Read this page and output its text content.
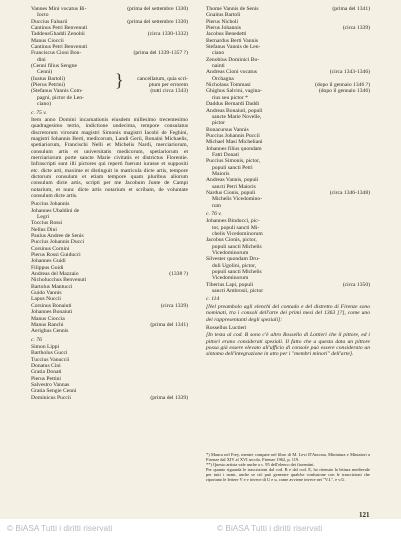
Vannes Mini vocatus Bi-	(prima del settembre 1330)
Iocto
Duccius Falsarii	(prima del settembre 1330)
Cantinus Petri Benvenuti
TaddeusGhaddi Zenobii	(circa 1330-1332)
Manus Cioccii
Cantinus Petri Benvenuti
Franciscus Cioni Bon-	(prima del 1339-1357 ?)
dini
(Cenni filius Sengne
Cenni)
(Iustus Bartoli)	cancellatum, quia scri-
(Pierus Petrini)	ptum per errorem
(Stefanus Vannis Com-	(tutti circa 1343)
pagni, pictor de Len-
ciano)
c. 75 v.
Item anno Domini incarnationis eiusdem millesimo trecentesimo quadragesimo tertio, indictione undecima, tempore consulatus discretorum virorum magistri Simonis magistri Iacobi de Feghini, magistri Iohannis Berti, medicorum, Landi Gerii, Bonaini Michaelis, spetiariorum, Francischi Nelli et Michelis Nardi, merciariorum, consulum artis et universitatis medicorum, spetiariorum et merciariorum porte sancte Marie civitatis et districtus Florentie. Infrascripti sunt illi pictores qui reperti fuerunt iurasse et suppositi etc. dicte arti, maxime et distinguit in matricula dicte artis, tempore dictorum consulum et etiam tempore quam pluribus aliorum consulum dicte artis, scripti per me Jacobum Junte de Campi notarium, et nunc dicte artis notarium et scribam, de voluntate consulum dicte artis.
Puccius Johannis
Johannes Ubaldini de
Legri
Toccius Rossi
Nellus Dini
Paulus Andree de Senis
Puccius Johannis Ducci
Corsinus Cornini
Pierus Rossi Guiducci
Johannes Guidi
Filippus Guidi
Andreas del Mazzaio	(1338 ?)
Nicholucchus Benvenuti
Bartolus Mantucci
Guido Vannis
Lapus Nuccii
Corsinus Bonaiuti	(circa 1339)
Johannes Bonaiuti
Manus Cioccia
Manus Ranchi	(prima del 1341)
Aerighus Cennis
c. 76
Simon Lippi
Bartholus Gucci
Tuccius Vanuccii
Donatus Cini
Gratia Donati
Pierus Pettini
Salvestro Vannas
Gratia Sengie Cenni
Dominicus Puccii	(prima del 1339)
}
Thome Vannis de Senis	(prima del 1341)
Gnaitus Bartoli
Pierus Nicholi
Pierus Johannis	(circa 1339)
Jacobus Benedetti
Bernardus Berti Vannis
Stefanus Vannis de Len-
ciano
Zenobius Dominici Bo-
nainti
Andreas Cioni vocatus	(circa 1343-1346)
Orchagna
Nicholaus Tommasi	(dopo il gennaio 1346 ?)
Ghighus Salvini, vagina-	(dopo il gennaio 1346)
rius seu pictor *
Daddus Bernardi Daddi
Andreas Bonaiuti, populi
sancte Marie Novelle,
pictor
Bonacursus Vannis
Puccius Johannis Puccii
Michael Masi Micheliani
Johannes filius quondam
Fatti Donati
Puccius Simonis, pictor,
populi sancti Petri
Maioris
Andreas Vannis, populi
sancti Petri Maioris
Nardus Cionis, populi	(circa 1346-1348)
Michelis Vicedomino-
rum
c. 76 v.
Johannes Binducci, pic-
tor, populi sancti Mi-
chelis Vicedominorum
Jacobus Cionis, pictor,
populi sancti Michelis
Vicedominorum
Silvester quondam Dru-
duli Ugolini, pictor,
populi sancti Michelis
Vicedominorum
Tiberius Lapi, populi	(circa 1350)
sancti Ambrosii, pictor
c. 114
[Nel preambolo agli elenchi del contado e del distretto di Firenze sono nominati, tra i consoli dell'arte dei primi mesi del 1363 [?], come uno dei rappresentanti degli speziali]:
Rossellus Luctieri
[In testa al cod. B sono c'è altro Rossello di Lottieri che il pittore, ed i pittori erano considerati speziali. Il fatto che a questa data un pittore possa già essere elevato all'ufficio di console può essere considerato un sintomo dell'integrazione in atto per i "membri minori" dell'arte].
*) Manca nel Frey, mentre compare nel libro di M. Levi D'Ancona, Miniatura e Miniatori a Firenze dal XIV al XVI secolo, Firenze 1962, p. 119.
**) Questo artista vale anche a c. 95 dell'elenco dei fiorentini.
Per quanto riguarda le trascrizioni dal cod. B e dal cod. E, ho ritenuto la lettura medievale per tutti i nomi, anche se ciò può generare qualche confusione con le trascrizioni che riportano le lettere V e v invece di U e u, come avviene invece nei "V.I.", e v.U.
121
© BiASA Tutti i diritti riservati	© BiASA Tutti i diritti riservati
